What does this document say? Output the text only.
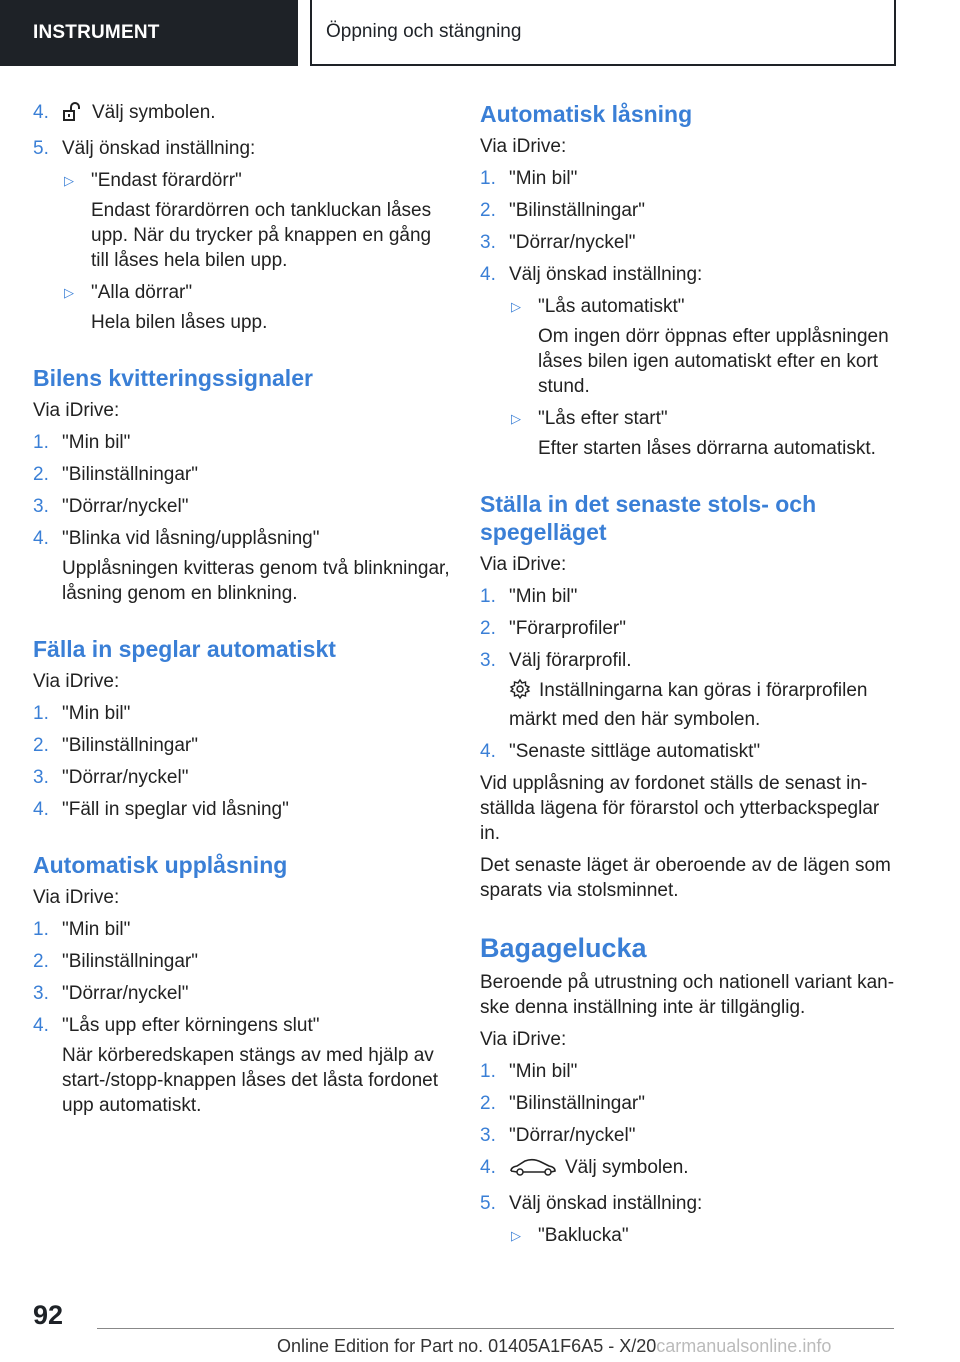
INSTRUMENT	Öppning och stängning
4. Välj symbolen.
5. Välj önskad inställning:
▷ "Endast förardörr"
Endast förardörren och tankluckan låses upp. När du trycker på knappen en gång till låses hela bilen upp.
▷ "Alla dörrar"
Hela bilen låses upp.
Bilens kvitteringssignaler
Via iDrive:
1. "Min bil"
2. "Bilinställningar"
3. "Dörrar/nyckel"
4. "Blinka vid låsning/upplåsning"
Upplåsningen kvitteras genom två blinkningar, låsning genom en blinkning.
Fälla in speglar automatiskt
Via iDrive:
1. "Min bil"
2. "Bilinställningar"
3. "Dörrar/nyckel"
4. "Fäll in speglar vid låsning"
Automatisk upplåsning
Via iDrive:
1. "Min bil"
2. "Bilinställningar"
3. "Dörrar/nyckel"
4. "Lås upp efter körningens slut"
När körberedskapen stängs av med hjälp av start-/stopp-knappen låses det låsta fordonet upp automatiskt.
Automatisk låsning
Via iDrive:
1. "Min bil"
2. "Bilinställningar"
3. "Dörrar/nyckel"
4. Välj önskad inställning:
▷ "Lås automatiskt"
Om ingen dörr öppnas efter upplåsningen låses bilen igen automatiskt efter en kort stund.
▷ "Lås efter start"
Efter starten låses dörrarna automatiskt.
Ställa in det senaste stols- och spegelläget
Via iDrive:
1. "Min bil"
2. "Förarprofiler"
3. Välj förarprofil.
Inställningarna kan göras i förarprofilen märkt med den här symbolen.
4. "Senaste sittläge automatiskt"
Vid upplåsning av fordonet ställs de senast inställda lägena för förarstol och ytterbackspeglar in.
Det senaste läget är oberoende av de lägen som sparats via stolsminnet.
Bagagelucka
Beroende på utrustning och nationell variant kanske denna inställning inte är tillgänglig.
Via iDrive:
1. "Min bil"
2. "Bilinställningar"
3. "Dörrar/nyckel"
4.	Välj symbolen.
5. Välj önskad inställning:
▷ "Baklucka"
92
Online Edition for Part no. 01405A1F6A5 - X/20carmanualsonline.info
